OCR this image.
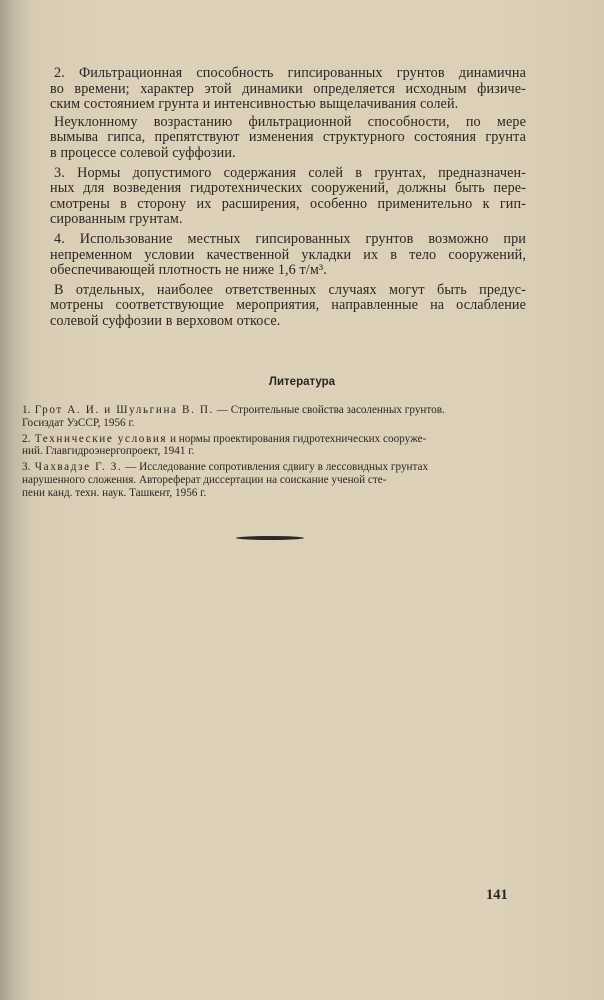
2. Фильтрационная способность гипсированных грунтов динамична
во времени; характер этой динамики определяется исходным физиче-
ским состоянием грунта и интенсивностью выщелачивания солей.

Неуклонному возрастанию фильтрационной способности, по мере
вымыва гипса, препятствуют изменения структурного состояния грунта
в процессе солевой суффозии.

3. Нормы допустимого содержания солей в грунтах, предназначен-
ных для возведения гидротехнических сооружений, должны быть пере-
смотрены в сторону их расширения, особенно применительно к гип-
сированным грунтам.

4. Использование местных гипсированных грунтов возможно при
непременном условии качественной укладки их в тело сооружений,
обеспечивающей плотность не ниже 1,6 т/м³.

В отдельных, наиболее ответственных случаях могут быть предус-
мотрены соответствующие мероприятия, направленные на ослабление
солевой суффозии в верховом откосе.

Литература
1. Грот А. И. и Шульгина В. П. — Строительные свойства засоленных грунтов.
Госиздат УзССР, 1956 г.
2. Технические условия и нормы проектирования гидротехнических сооруже-
ний. Главгидроэнергопроект, 1941 г.
3. Чахвадзе Г. З. — Исследование сопротивления сдвигу в лессовидных грунтах
нарушенного сложения. Автореферат диссертации на соискание ученой сте-
пени канд. техн. наук. Ташкент, 1956 г.
141
